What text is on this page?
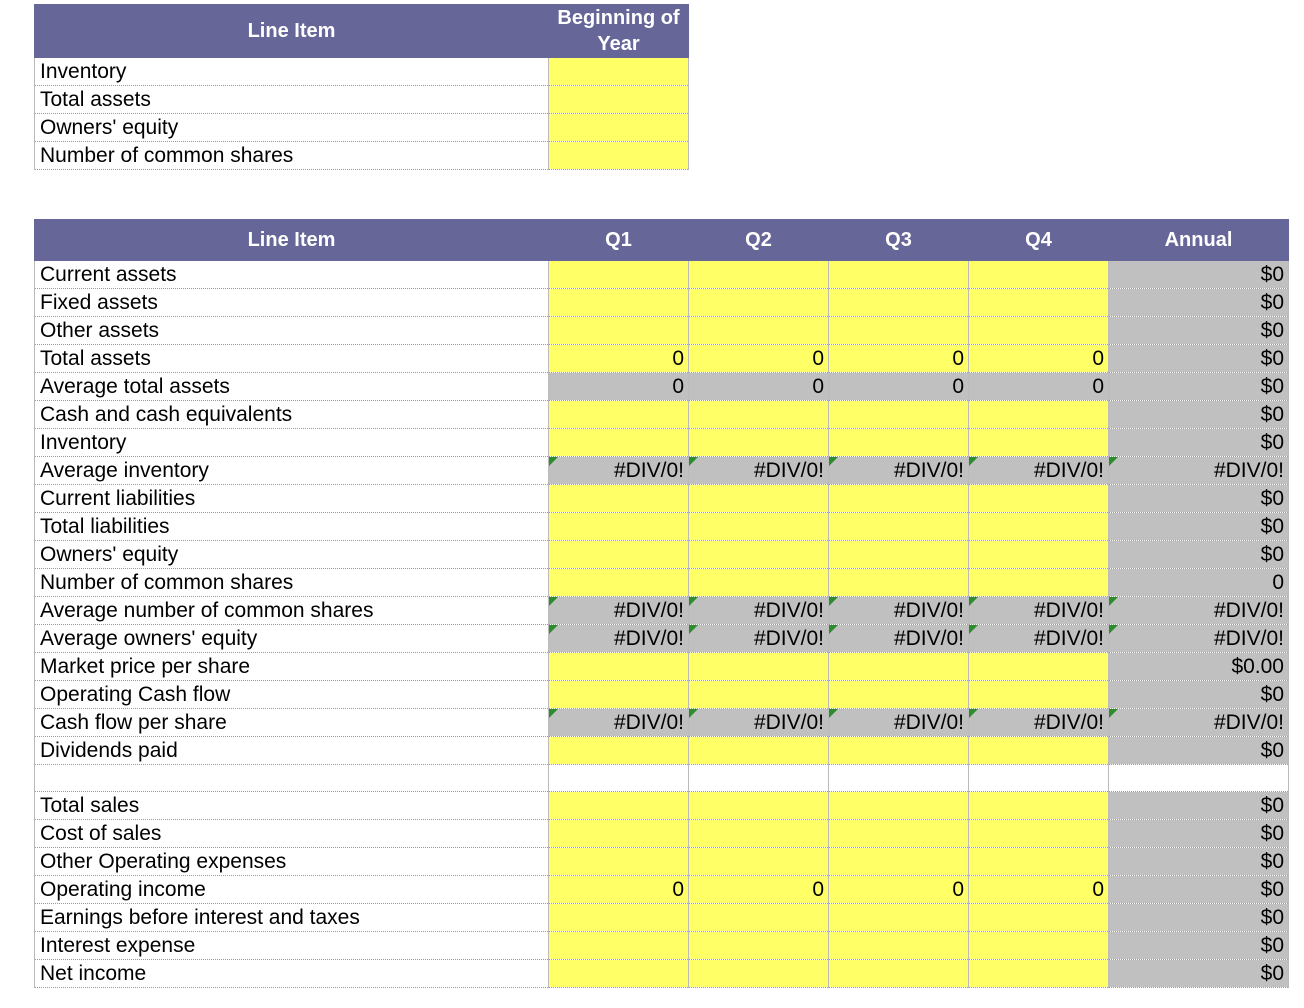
Line Item	Beginning of Year
Inventory	
Total assets	
Owners' equity	
Number of common shares	
Line Item	Q1	Q2	Q3	Q4	Annual
Current assets					$0
Fixed assets					$0
Other assets					$0
Total assets	0	0	0	0	$0
Average total assets	0	0	0	0	$0
Cash and cash equivalents					$0
Inventory					$0
Average inventory	#DIV/0!	#DIV/0!	#DIV/0!	#DIV/0!	#DIV/0!
Current liabilities					$0
Total liabilities					$0
Owners' equity					$0
Number of common shares					0
Average number of common shares	#DIV/0!	#DIV/0!	#DIV/0!	#DIV/0!	#DIV/0!
Average owners' equity	#DIV/0!	#DIV/0!	#DIV/0!	#DIV/0!	#DIV/0!
Market price per share					$0.00
Operating Cash flow					$0
Cash flow per share	#DIV/0!	#DIV/0!	#DIV/0!	#DIV/0!	#DIV/0!
Dividends paid					$0

Total sales					$0
Cost of sales					$0
Other Operating expenses					$0
Operating income	0	0	0	0	$0
Earnings before interest and taxes					$0
Interest expense					$0
Net income					$0
